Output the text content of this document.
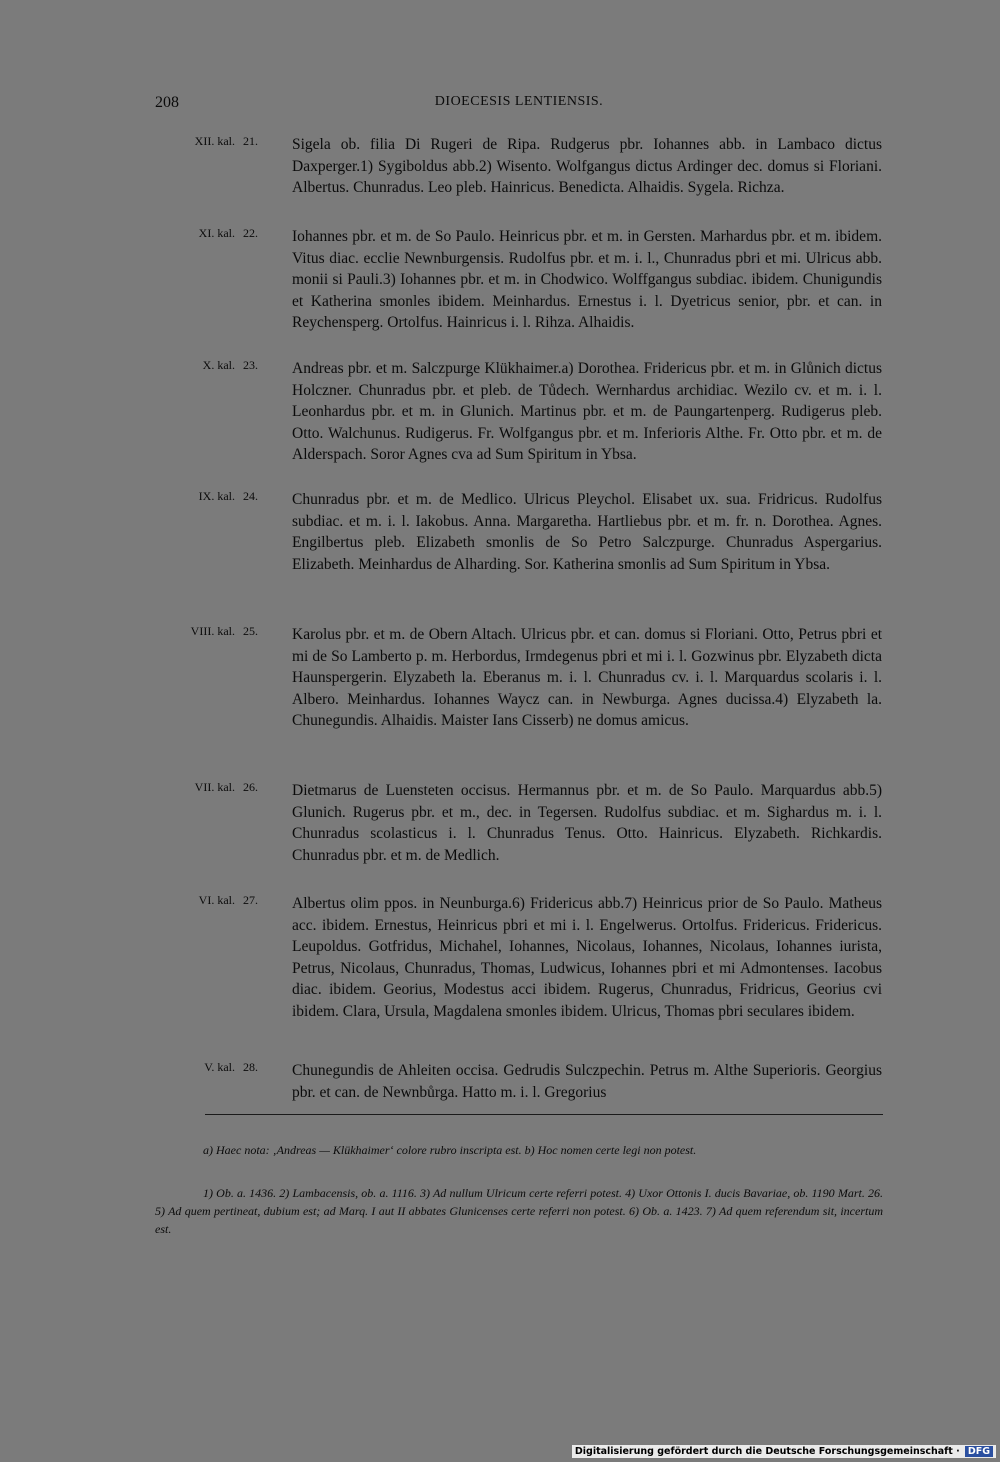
208	DIOECESIS LENTIENSIS.
XII. kal. 21.	Sigela ob. filia Di Rugeri de Ripa. Rudgerus pbr. Iohannes abb. in Lambaco dictus Daxperger.1) Sygiboldus abb.2) Wisento. Wolfgangus dictus Ardinger dec. domus si Floriani. Albertus. Chunradus. Leo pleb. Hainricus. Benedicta. Alhaidis. Sygela. Richza.
XI. kal. 22.	Iohannes pbr. et m. de So Paulo. Heinricus pbr. et m. in Gersten. Marhardus pbr. et m. ibidem. Vitus diac. ecclie Newnburgensis. Rudolfus pbr. et m. i. l., Chunradus pbri et mi. Ulricus abb. monii si Pauli.3) Iohannes pbr. et m. in Chodwico. Wolffgangus subdiac. ibidem. Chunigundis et Katherina smonles ibidem. Meinhardus. Ernestus i. l. Dyetricus senior, pbr. et can. in Reychensperg. Ortolfus. Hainricus i. l. Rihza. Alhaidis.
X. kal. 23.	Andreas pbr. et m. Salczpurge Klükhaimer.a) Dorothea. Fridericus pbr. et m. in Glůnich dictus Holczner. Chunradus pbr. et pleb. de Tůdech. Wernhardus archidiac. Wezilo cv. et m. i. l. Leonhardus pbr. et m. in Glunich. Martinus pbr. et m. de Paungartenperg. Rudigerus pleb. Otto. Walchunus. Rudigerus. Fr. Wolfgangus pbr. et m. Inferioris Althe. Fr. Otto pbr. et m. de Alderspach. Soror Agnes cva ad Sum Spiritum in Ybsa.
IX. kal. 24.	Chunradus pbr. et m. de Medlico. Ulricus Pleychol. Elisabet ux. sua. Fridricus. Rudolfus subdiac. et m. i. l. Iakobus. Anna. Margaretha. Hartliebus pbr. et m. fr. n. Dorothea. Agnes. Engilbertus pleb. Elizabeth smonlis de So Petro Salczpurge. Chunradus Aspergarius. Elizabeth. Meinhardus de Alharding. Sor. Katherina smonlis ad Sum Spiritum in Ybsa.
VIII. kal. 25.	Karolus pbr. et m. de Obern Altach. Ulricus pbr. et can. domus si Floriani. Otto, Petrus pbri et mi de So Lamberto p. m. Herbordus, Irmdegenus pbri et mi i. l. Gozwinus pbr. Elyzabeth dicta Haunspergerin. Elyzabeth la. Eberanus m. i. l. Chunradus cv. i. l. Marquardus scolaris i. l. Albero. Meinhardus. Iohannes Waycz can. in Newburga. Agnes ducissa.4) Elyzabeth la. Chunegundis. Alhaidis. Maister Ians Cisserb) ne domus amicus.
VII. kal. 26.	Dietmarus de Luensteten occisus. Hermannus pbr. et m. de So Paulo. Marquardus abb.5) Glunich. Rugerus pbr. et m., dec. in Tegersen. Rudolfus subdiac. et m. Sighardus m. i. l. Chunradus scolasticus i. l. Chunradus Tenus. Otto. Hainricus. Elyzabeth. Richkardis. Chunradus pbr. et m. de Medlich.
VI. kal. 27.	Albertus olim ppos. in Neunburga.6) Fridericus abb.7) Heinricus prior de So Paulo. Matheus acc. ibidem. Ernestus, Heinricus pbri et mi i. l. Engelwerus. Ortolfus. Fridericus. Fridericus. Leupoldus. Gotfridus, Michahel, Iohannes, Nicolaus, Iohannes, Nicolaus, Iohannes iurista, Petrus, Nicolaus, Chunradus, Thomas, Ludwicus, Iohannes pbri et mi Admontenses. Iacobus diac. ibidem. Georius, Modestus acci ibidem. Rugerus, Chunradus, Fridricus, Georius cvi ibidem. Clara, Ursula, Magdalena smonles ibidem. Ulricus, Thomas pbri seculares ibidem.
V. kal. 28.	Chunegundis de Ahleiten occisa. Gedrudis Sulczpechin. Petrus m. Althe Superioris. Georgius pbr. et can. de Newnbůrga. Hatto m. i. l. Gregorius

a) Haec nota: ‚Andreas — Klükhaimer‘ colore rubro inscripta est. b) Hoc nomen certe legi non potest.

1) Ob. a. 1436. 2) Lambacensis, ob. a. 1116. 3) Ad nullum Ulricum certe referri potest. 4) Uxor Ottonis I. ducis Bavariae, ob. 1190 Mart. 26. 5) Ad quem pertineat, dubium est; ad Marq. I aut II abbates Glunicenses certe referri non potest. 6) Ob. a. 1423. 7) Ad quem referendum sit, incertum est.

Digitalisierung gefördert durch die Deutsche Forschungsgemeinschaft · DFG
